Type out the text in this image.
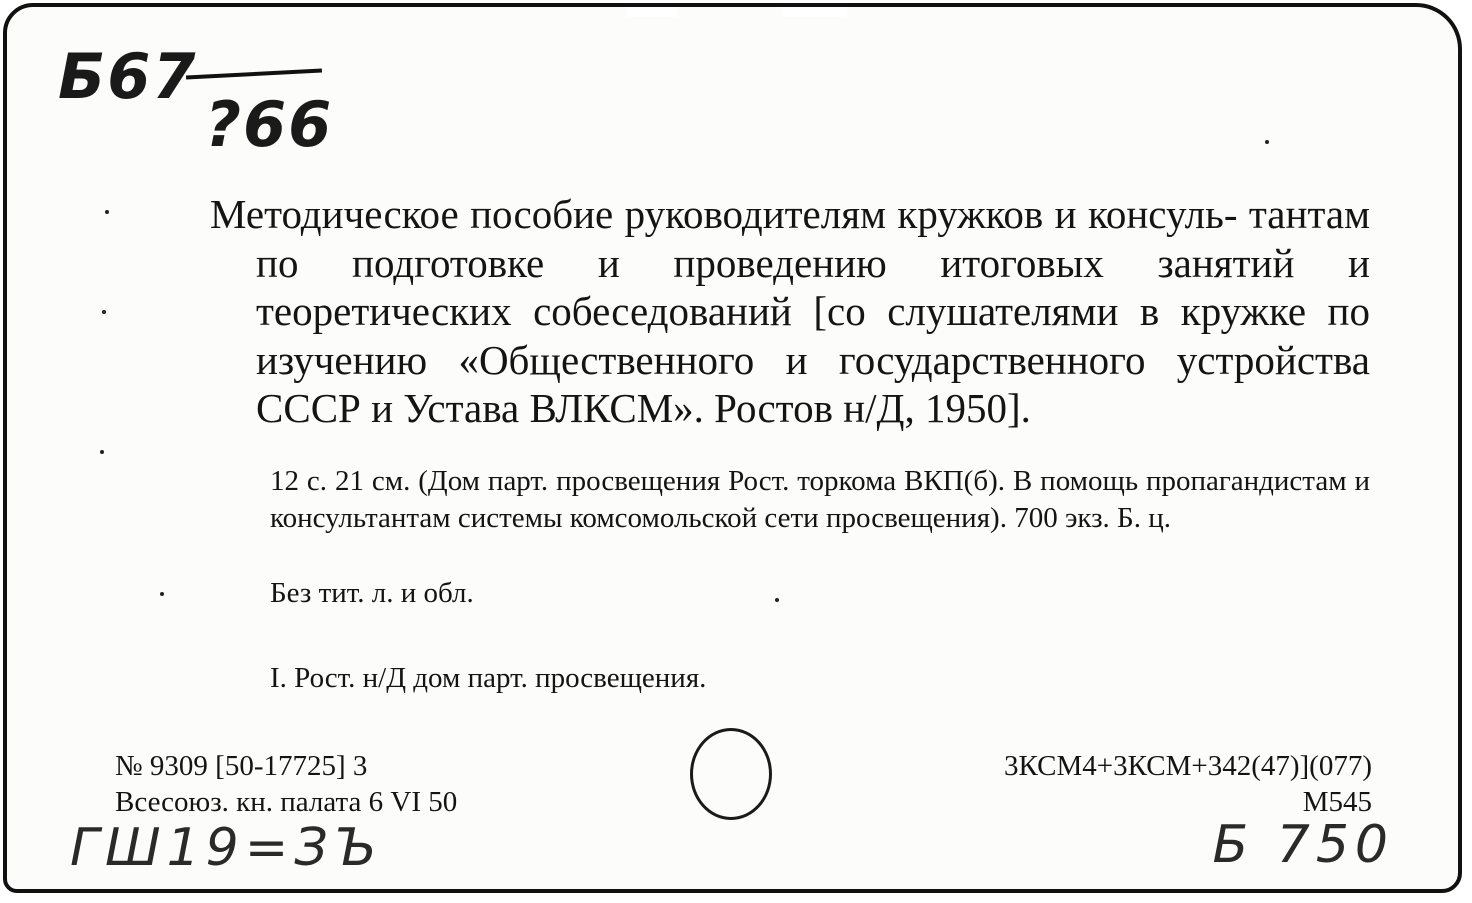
Б67
?66
Методическое пособие руководителям кружков и консуль- тантам по подготовке и проведению итоговых занятий и теоретических собеседований [со слушателями в кружке по изучению «Общественного и государственного устройства СССР и Устава ВЛКСМ». Ростов н/Д, 1950].
12 с. 21 см. (Дом парт. просвещения Рост. торкома ВКП(б). В помощь пропагандистам и консультантам системы комсомольской сети просвещения). 700 экз. Б. ц.
Без тит. л. и обл.
I. Рост. н/Д дом парт. просвещения.
№ 9309 [50-17725] 3
Всесоюз. кн. палата 6 VI 50
3КСМ4+3КСМ+342(47)](077)
М545
ГШ19=ЗЪ	Б 750
